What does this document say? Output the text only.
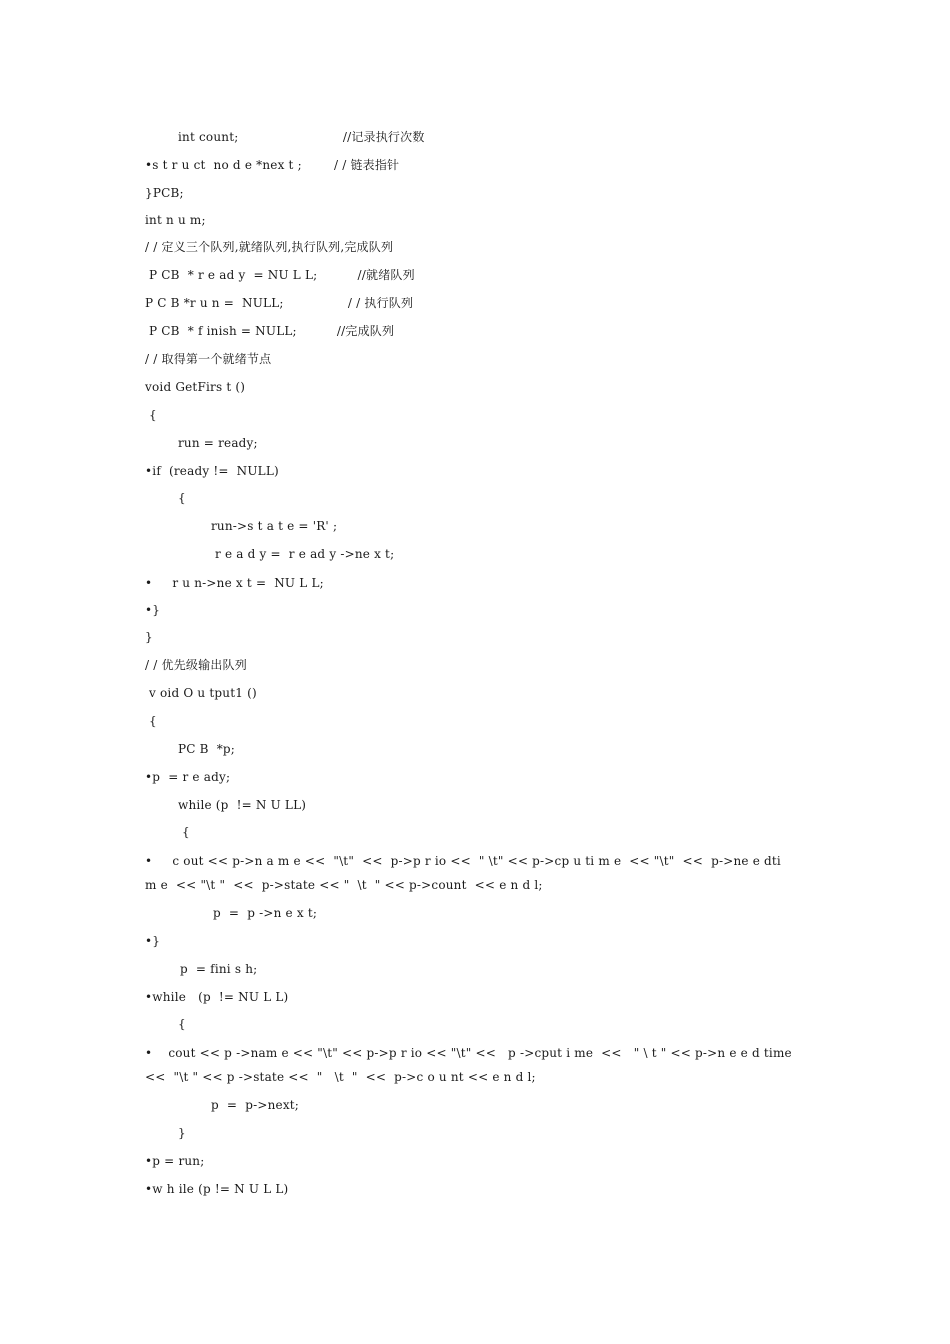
int count;                          //记录执行次数
•s t r u ct  no d e *nex t ;        / / 链表指针
}PCB;
int n u m;
/ / 定义三个队列,就绪队列,执行队列,完成队列
P CB  * r e ad y  = NU L L;          //就绪队列
P C B *r u n =  NULL;                / / 执行队列
P CB  * f inish = NULL;          //完成队列
/ / 取得第一个就绪节点
void GetFirs t ()
{
run = ready;
•if  (ready !=  NULL)
{
run->s t a t e = 'R' ;
r e a d y =  r e ad y ->ne x t;
•     r u n->ne x t =  NU L L;
•}
}
/ / 优先级输出队列
v oid O u tput1 ()
{
PC B  *p;
•p  = r e ady;
while (p  != N U LL)
{
•     c out << p->n a m e <<  "\t"  <<  p->p r io <<  " \t" << p->cp u ti m e  << "\t"  <<  p->ne e dti m e  << "\t "  <<  p->state << "  \t  " << p->count  << e n d l;
p  =  p ->n e x t;
•}
p  = fini s h;
•while   (p  != NU L L)
{
•    cout << p ->nam e << "\t" << p->p r io << "\t" <<   p ->cput i me  <<   " \ t " << p->n e e d time <<  "\t " << p ->state <<  "   \t  "  <<  p->c o u nt << e n d l;
p  =  p->next;
}
•p = run;
•w h ile (p != N U L L)
